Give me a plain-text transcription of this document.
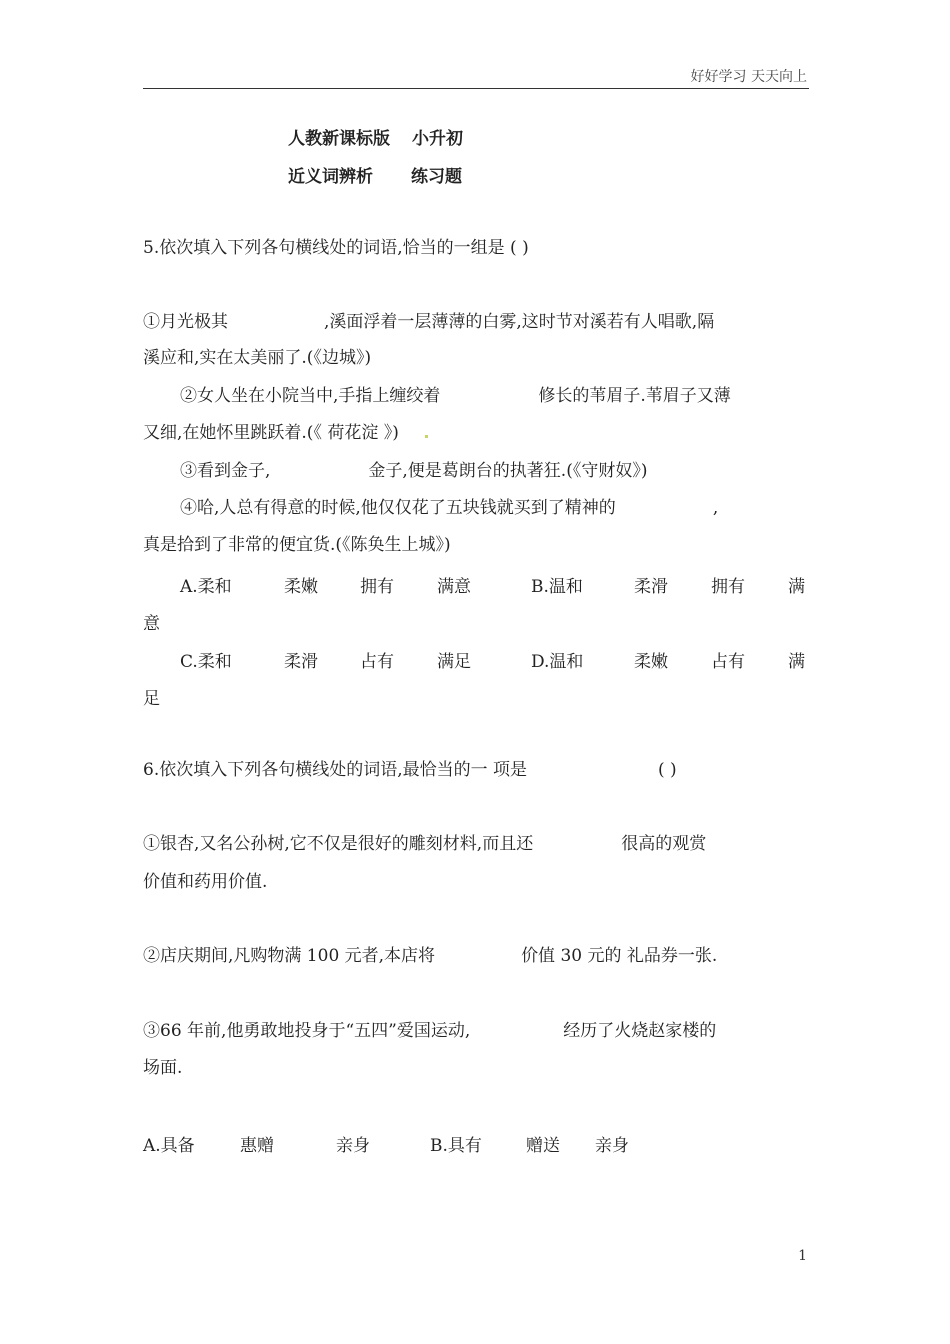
好好学习 天天向上
人教新课标版 小升初
近义词辨析 练习题
5.依次填入下列各句横线处的词语,恰当的一组是 ( )
①月光极其	,溪面浮着一层薄薄的白雾,这时节对溪若有人唱歌,隔
溪应和,实在太美丽了.(《边城》)
②女人坐在小院当中,手指上缠绞着	修长的苇眉子.苇眉子又薄
又细,在她怀里跳跃着.(《 荷花淀 》)
③看到金子,	金子,便是葛朗台的执著狂.(《守财奴》)
④哈,人总有得意的时候,他仅仅花了五块钱就买到了精神的	,
真是拾到了非常的便宜货.(《陈奂生上城》)
A.柔和	柔嫩 拥有	满意	B.温和	柔滑	拥有	满
意
C.柔和	柔滑 占有	满足	D.温和	柔嫩	占有	满
足
6.依次填入下列各句横线处的词语,最恰当的一 项是	( )
①银杏,又名公孙树,它不仅是很好的雕刻材料,而且还	很高的观赏
价值和药用价值.
②店庆期间,凡购物满 100 元者,本店将	价值 30 元的 礼品券一张.
③66 年前,他勇敢地投身于“五四”爱国运动,	经历了火烧赵家楼的
场面.
A.具备	惠赠	亲身	B.具有	赠送 亲身
1
